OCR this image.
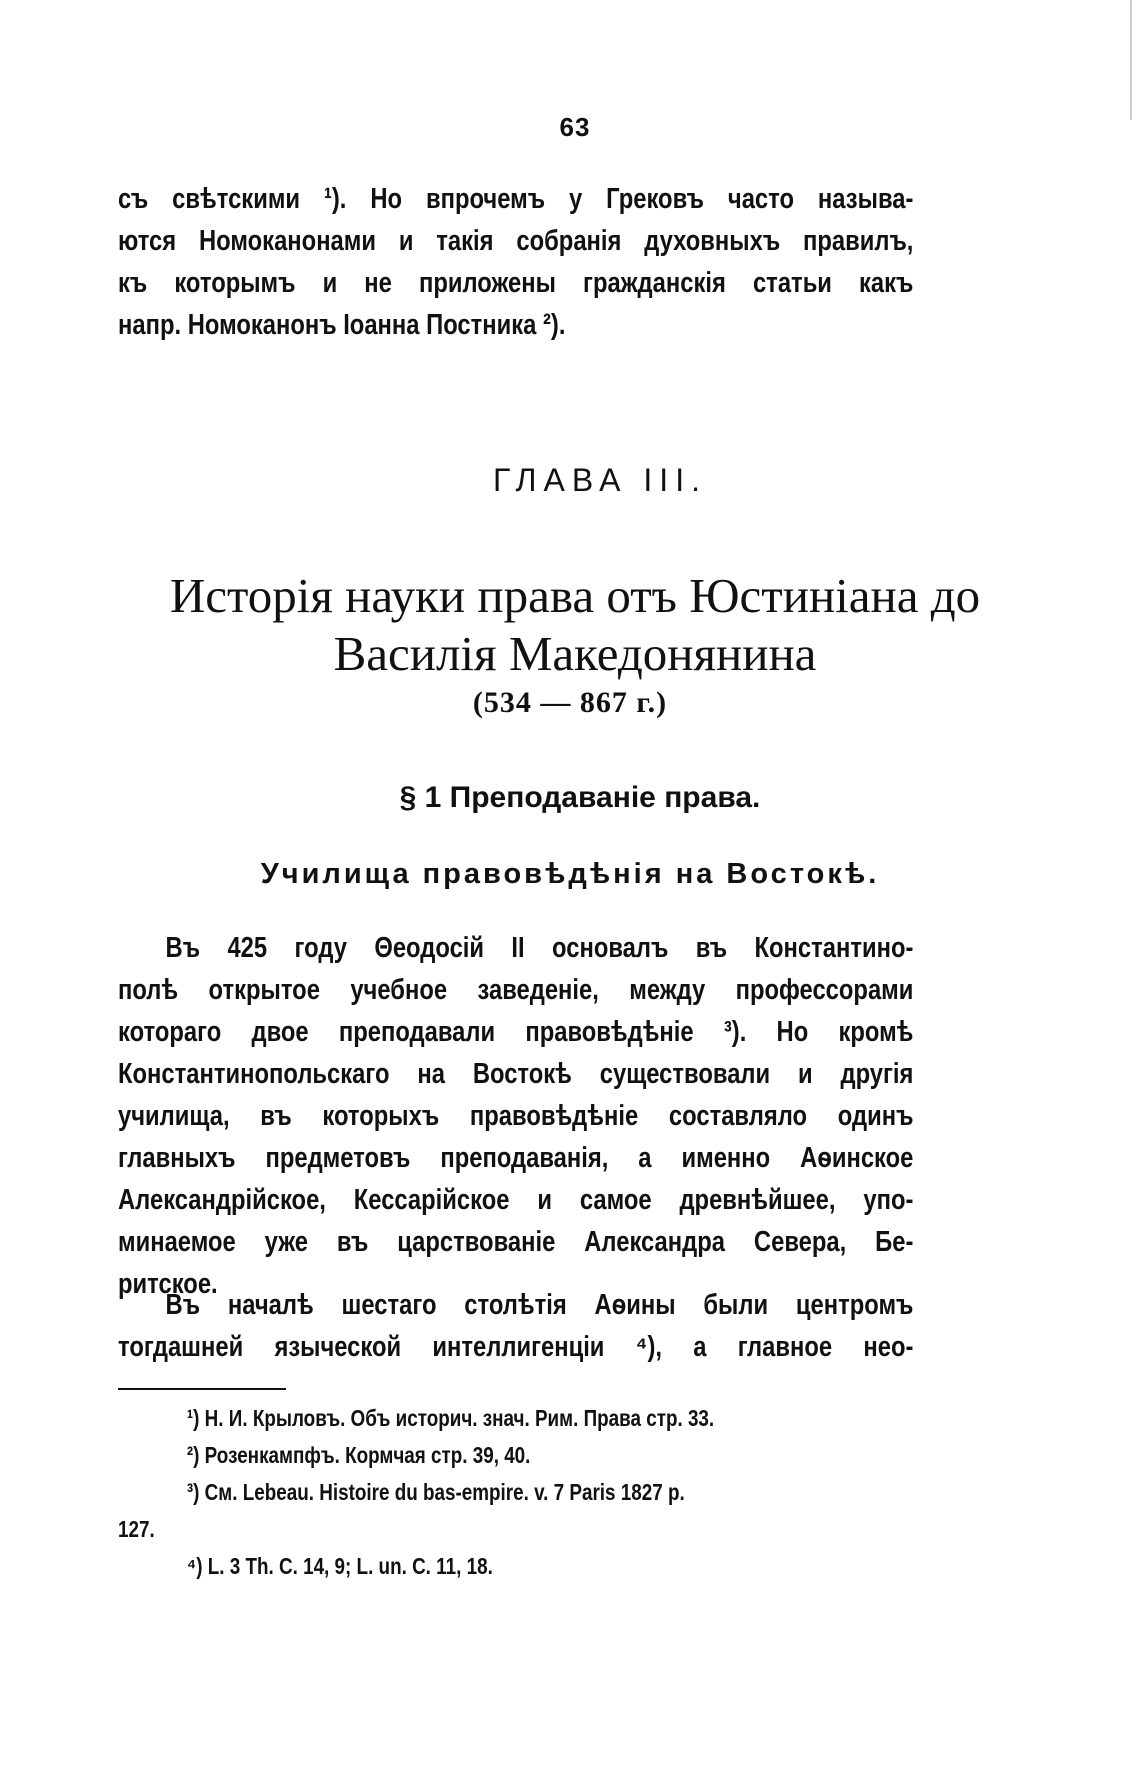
63
съ свѣтскими ¹). Но впрочемъ у Грековъ часто называ-
ются Номоканонами и такія собранія духовныхъ правилъ,
къ которымъ и не приложены гражданскія статьи какъ
напр. Номоканонъ Іоанна Постника ²).
ГЛАВА III.
Исторія науки права отъ Юстиніана до
Василія Македонянина
(534 — 867 г.)
§ 1 Преподаваніе права.
Училища правовѣдѣнія на Востокѣ.
Въ 425 году Θеодосій II основалъ въ Константино-
полѣ открытое учебное заведеніе, между профессорами
котораго двое преподавали правовѣдѣніе ³). Но кромѣ
Константинопольскаго на Востокѣ существовали и другія
училища, въ которыхъ правовѣдѣніе составляло одинъ
главныхъ предметовъ преподаванія, а именно Аѳинское
Александрійское, Кессарійское и самое древнѣйшее, упо-
минаемое уже въ царствованіе Александра Севера, Бе-
ритское.
Въ началѣ шестаго столѣтія Аѳины были центромъ
тогдашней языческой интеллигенціи ⁴), а главное нео-
¹) Н. И. Крыловъ. Объ историч. знач. Рим. Права стр. 33.
²) Розенкампфъ. Кормчая стр. 39, 40.
³) См. Lebeau. Histoire du bas-empire. v. 7 Paris 1827 p.
127.
⁴) L. 3 Th. C. 14, 9; L. un. C. 11, 18.
